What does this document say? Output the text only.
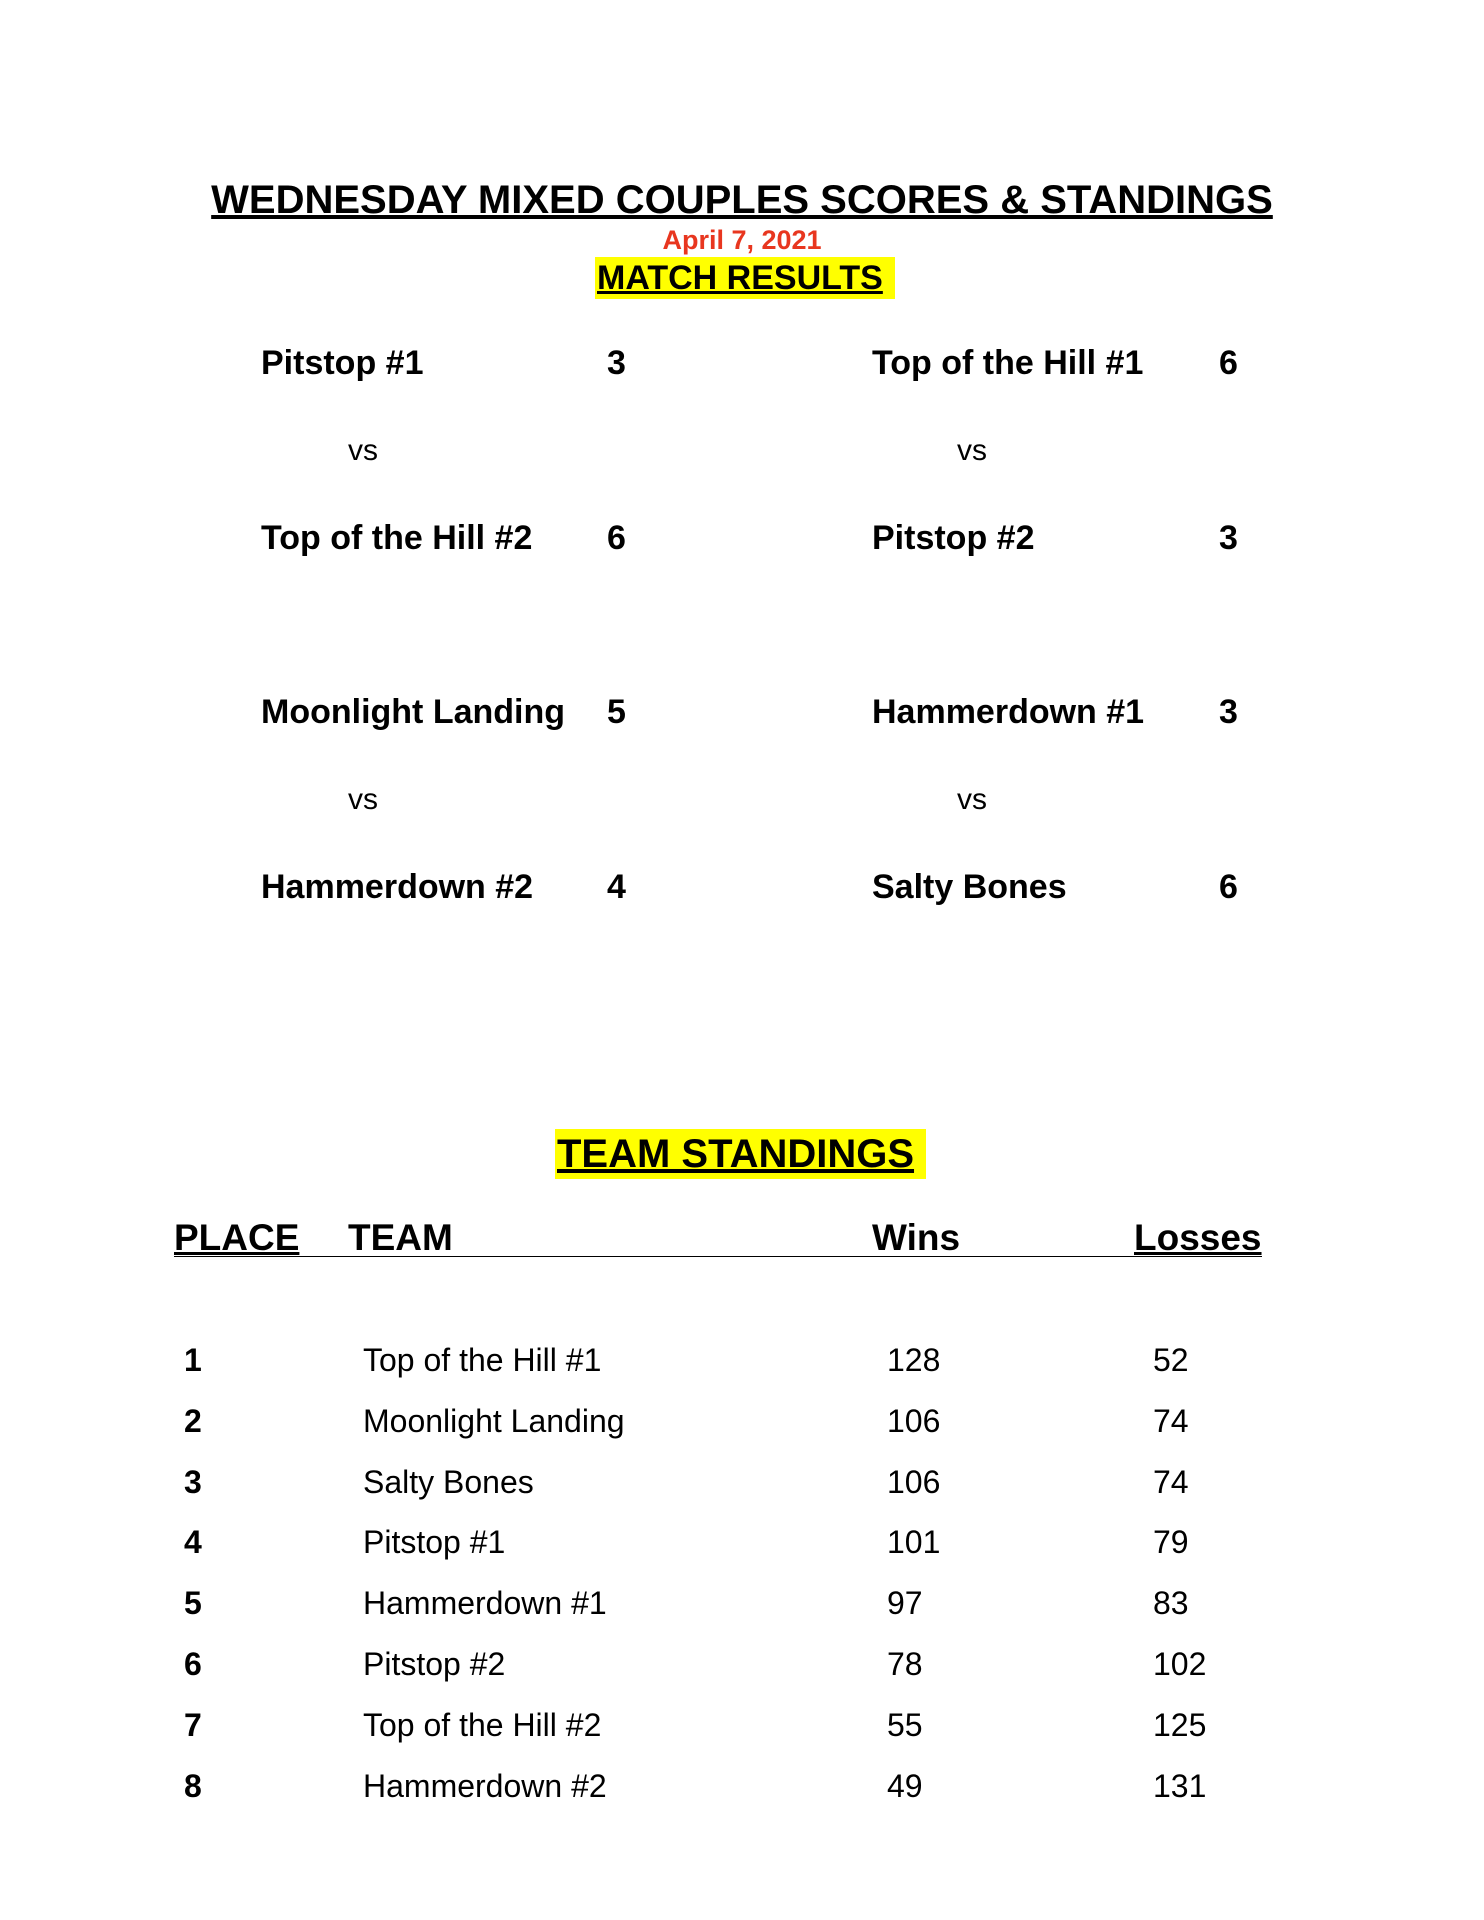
WEDNESDAY MIXED COUPLES SCORES & STANDINGS
April 7, 2021
MATCH RESULTS
Pitstop #1	3
vs
Top of the Hill #2 6
Top of the Hill #1 6
vs
Pitstop #2	3
Moonlight Landing 5
vs
Hammerdown #2 4
Hammerdown #1 3
vs
Salty Bones	6
TEAM STANDINGS
PLACE TEAM	Wins	Losses
1	Top of the Hill #1	128	52
2	Moonlight Landing	106	74
3	Salty Bones	106	74
4	Pitstop #1	101	79
5	Hammerdown #1	97	83
6	Pitstop #2	78	102
7	Top of the Hill #2	55	125
8	Hammerdown #2	49	131
